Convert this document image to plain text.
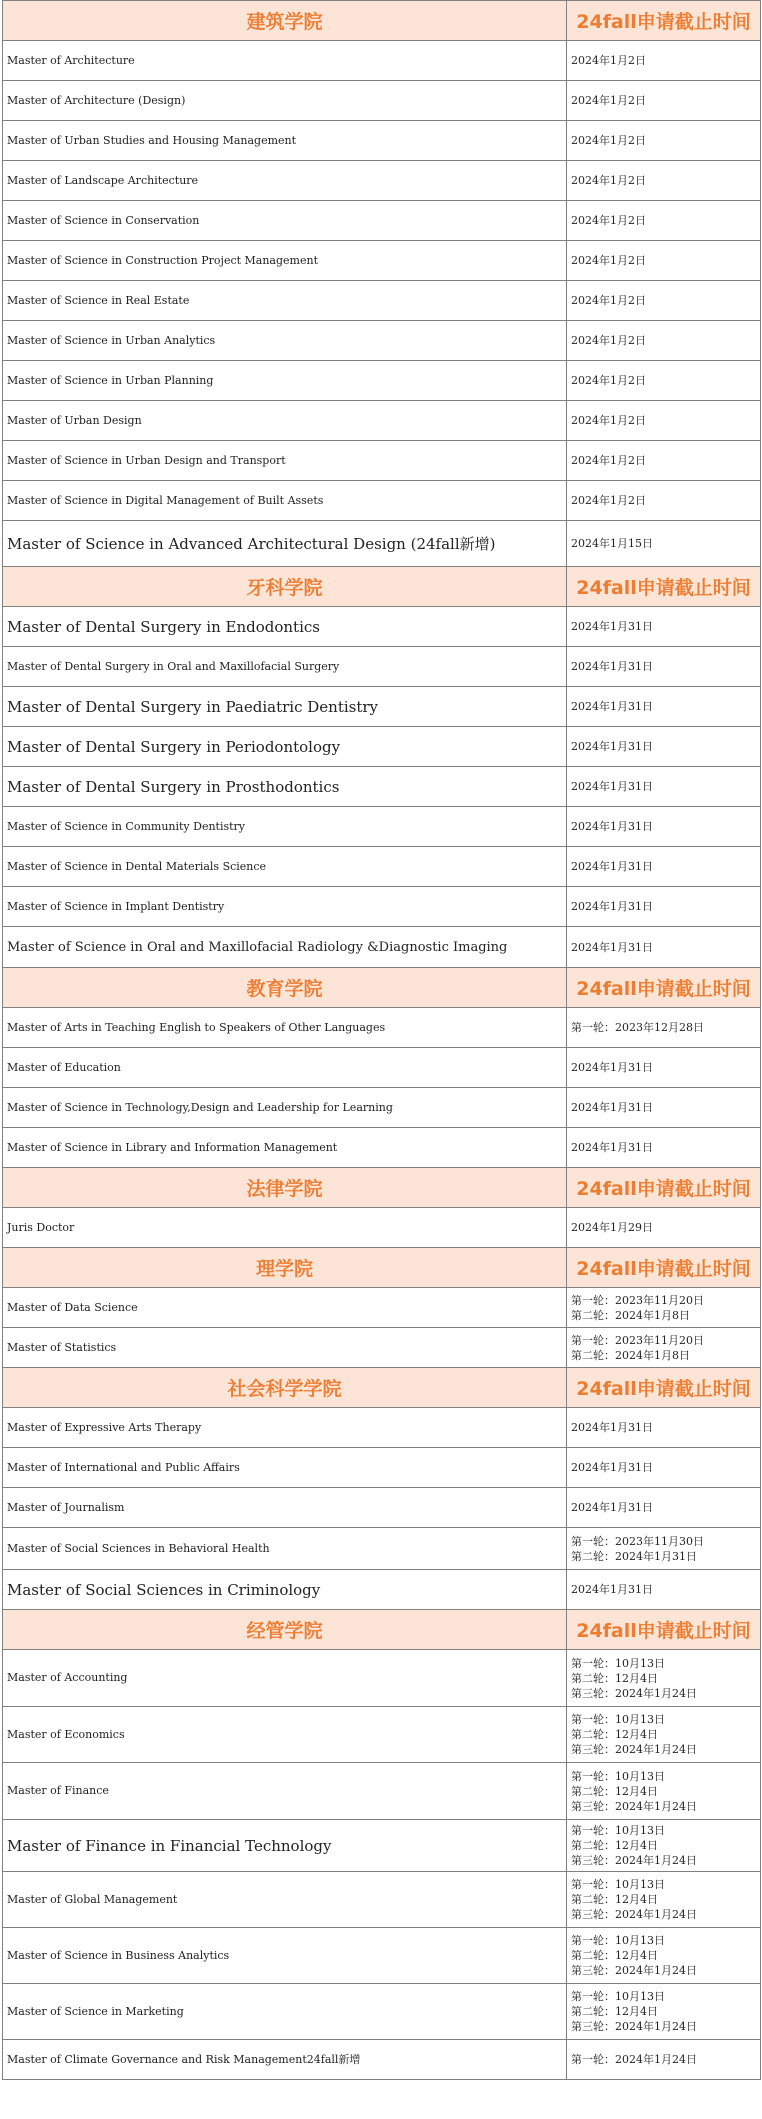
建筑学院	24fall申请截止时间
Master of Architecture	2024年1月2日
Master of Architecture (Design)	2024年1月2日
Master of Urban Studies and Housing Management	2024年1月2日
Master of Landscape Architecture	2024年1月2日
Master of Science in Conservation	2024年1月2日
Master of Science in Construction Project Management	2024年1月2日
Master of Science in Real Estate	2024年1月2日
Master of Science in Urban Analytics	2024年1月2日
Master of Science in Urban Planning	2024年1月2日
Master of Urban Design	2024年1月2日
Master of Science in Urban Design and Transport	2024年1月2日
Master of Science in Digital Management of Built Assets	2024年1月2日
Master of Science in Advanced Architectural Design (24fall新增)	2024年1月15日
牙科学院	24fall申请截止时间
Master of Dental Surgery in Endodontics	2024年1月31日
Master of Dental Surgery in Oral and Maxillofacial Surgery	2024年1月31日
Master of Dental Surgery in Paediatric Dentistry	2024年1月31日
Master of Dental Surgery in Periodontology	2024年1月31日
Master of Dental Surgery in Prosthodontics	2024年1月31日
Master of Science in Community Dentistry	2024年1月31日
Master of Science in Dental Materials Science	2024年1月31日
Master of Science in Implant Dentistry	2024年1月31日
Master of Science in Oral and Maxillofacial Radiology &Diagnostic Imaging	2024年1月31日
教育学院	24fall申请截止时间
Master of Arts in Teaching English to Speakers of Other Languages	第一轮：2023年12月28日
Master of Education	2024年1月31日
Master of Science in Technology,Design and Leadership for Learning	2024年1月31日
Master of Science in Library and Information Management	2024年1月31日
法律学院	24fall申请截止时间
Juris Doctor	2024年1月29日
理学院	24fall申请截止时间
Master of Data Science	第一轮：2023年11月20日
第二轮：2024年1月8日
Master of Statistics	第一轮：2023年11月20日
第二轮：2024年1月8日
社会科学学院	24fall申请截止时间
Master of Expressive Arts Therapy	2024年1月31日
Master of International and Public Affairs	2024年1月31日
Master of Journalism	2024年1月31日
Master of Social Sciences in Behavioral Health	第一轮：2023年11月30日
第二轮：2024年1月31日
Master of Social Sciences in Criminology	2024年1月31日
经管学院	24fall申请截止时间
Master of Accounting	第一轮：10月13日
第二轮：12月4日
第三轮：2024年1月24日
Master of Economics	第一轮：10月13日
第二轮：12月4日
第三轮：2024年1月24日
Master of Finance	第一轮：10月13日
第二轮：12月4日
第三轮：2024年1月24日
Master of Finance in Financial Technology	第一轮：10月13日
第二轮：12月4日
第三轮：2024年1月24日
Master of Global Management	第一轮：10月13日
第二轮：12月4日
第三轮：2024年1月24日
Master of Science in Business Analytics	第一轮：10月13日
第二轮：12月4日
第三轮：2024年1月24日
Master of Science in Marketing	第一轮：10月13日
第二轮：12月4日
第三轮：2024年1月24日
Master of Climate Governance and Risk Management24fall新增	第一轮：2024年1月24日
